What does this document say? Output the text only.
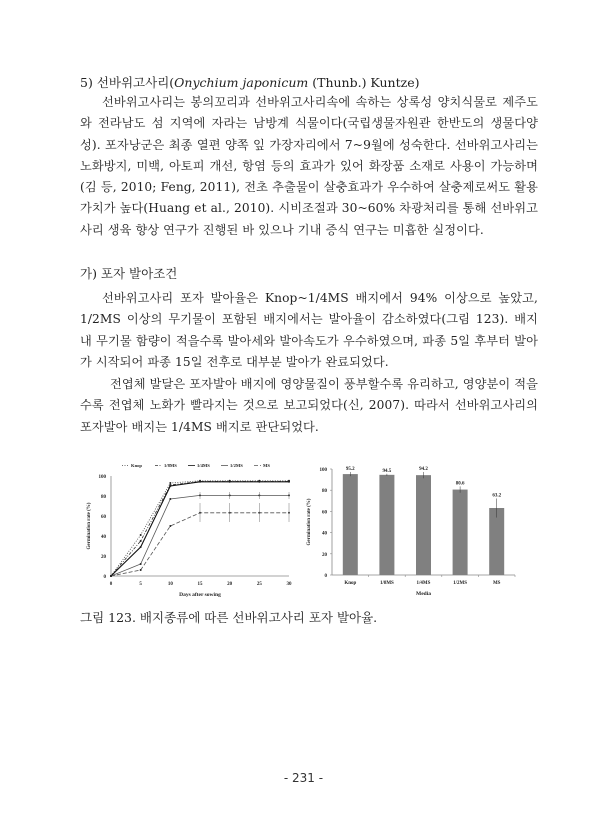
5) 선바위고사리(Onychium japonicum (Thunb.) Kuntze)

선바위고사리는 봉의꼬리과 선바위고사리속에 속하는 상록성 양치식물로 제주도와 전라남도 섬 지역에 자라는 남방계 식물이다(국립생물자원관 한반도의 생물다양성). 포자낭군은 최종 열편 양쪽 잎 가장자리에서 7~9월에 성숙한다. 선바위고사리는 노화방지, 미백, 아토피 개선, 항염 등의 효과가 있어 화장품 소재로 사용이 가능하며(김 등, 2010; Feng, 2011), 전초 추출물이 살충효과가 우수하여 살충제로써도 활용가치가 높다(Huang et al., 2010). 시비조절과 30~60% 차광처리를 통해 선바위고사리 생육 향상 연구가 진행된 바 있으나 기내 증식 연구는 미흡한 실정이다.

가) 포자 발아조건

선바위고사리 포자 발아율은 Knop~1/4MS 배지에서 94% 이상으로 높았고, 1/2MS 이상의 무기물이 포함된 배지에서는 발아율이 감소하였다(그림 123). 배지 내 무기물 함량이 적을수록 발아세와 발아속도가 우수하였으며, 파종 5일 후부터 발아가 시작되어 파종 15일 전후로 대부분 발아가 완료되었다.

전엽체 발달은 포자발아 배지에 영양물질이 풍부할수록 유리하고, 영양분이 적을수록 전엽체 노화가 빨라지는 것으로 보고되었다(신, 2007). 따라서 선바위고사리의 포자발아 배지는 1/4MS 배지로 판단되었다.

0
20
40
60
80
100
0	5	10	15	20	25	30
Days after sowing
Germination rate (%)
Knop	1/8MS	1/4MS	1/2MS	MS
0
20
40
60
80
100
Media
Germination rate (%)
95.2
Knop
94.5
1/8MS
94.2
1/4MS
80.6
1/2MS
63.2
MS
그림 123. 배지종류에 따른 선바위고사리 포자 발아율.
- 231 -
